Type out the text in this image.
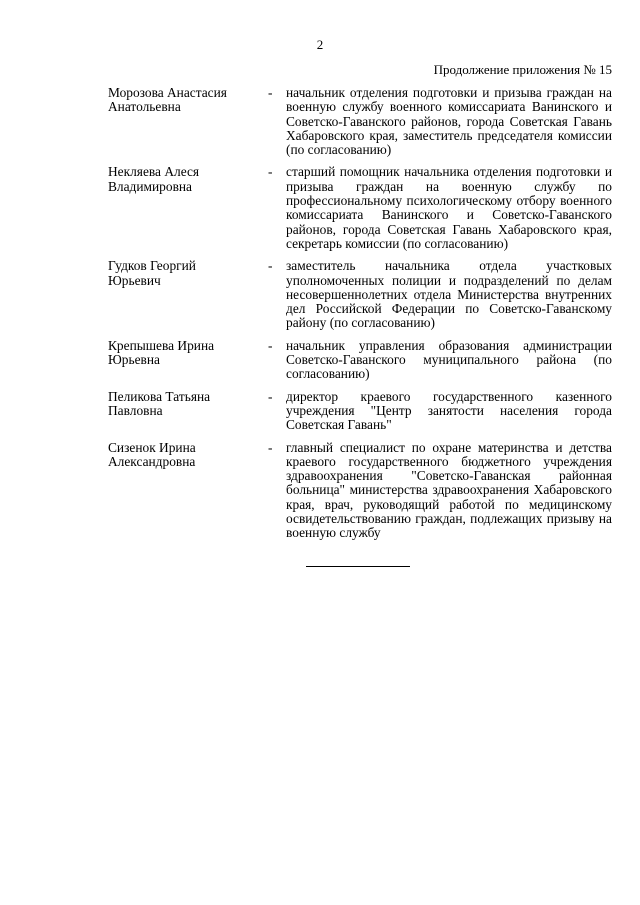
2
Продолжение приложения № 15
Морозова Анастасия
Анатольевна
-	начальник отделения подготовки и призыва граждан на военную службу военного комиссариата Ванинского и Советско-Гаванского районов, города Советская Гавань Хабаровского края, заместитель председателя комиссии (по согласованию)
Некляева Алеся
Владимировна
-	старший помощник начальника отделения подготовки и призыва граждан на военную службу по профессиональному психологическому отбору военного комиссариата Ванинского и Советско-Гаванского районов, города Советская Гавань Хабаровского края, секретарь комиссии (по согласованию)
Гудков Георгий
Юрьевич
-	заместитель начальника отдела участковых уполномоченных полиции и подразделений по делам несовершеннолетних отдела Министерства внутренних дел Российской Федерации по Советско-Гаванскому району (по согласованию)
Крепышева Ирина
Юрьевна
-	начальник управления образования администрации Советско-Гаванского муниципального района (по согласованию)
Пеликова Татьяна
Павловна
-	директор краевого государственного казенного учреждения "Центр занятости населения города Советская Гавань"
Сизенок Ирина
Александровна
-	главный специалист по охране материнства и детства краевого государственного бюджетного учреждения здравоохранения "Советско-Гаванская районная больница" министерства здравоохранения Хабаровского края, врач, руководящий работой по медицинскому освидетельствованию граждан, подлежащих призыву на военную службу
